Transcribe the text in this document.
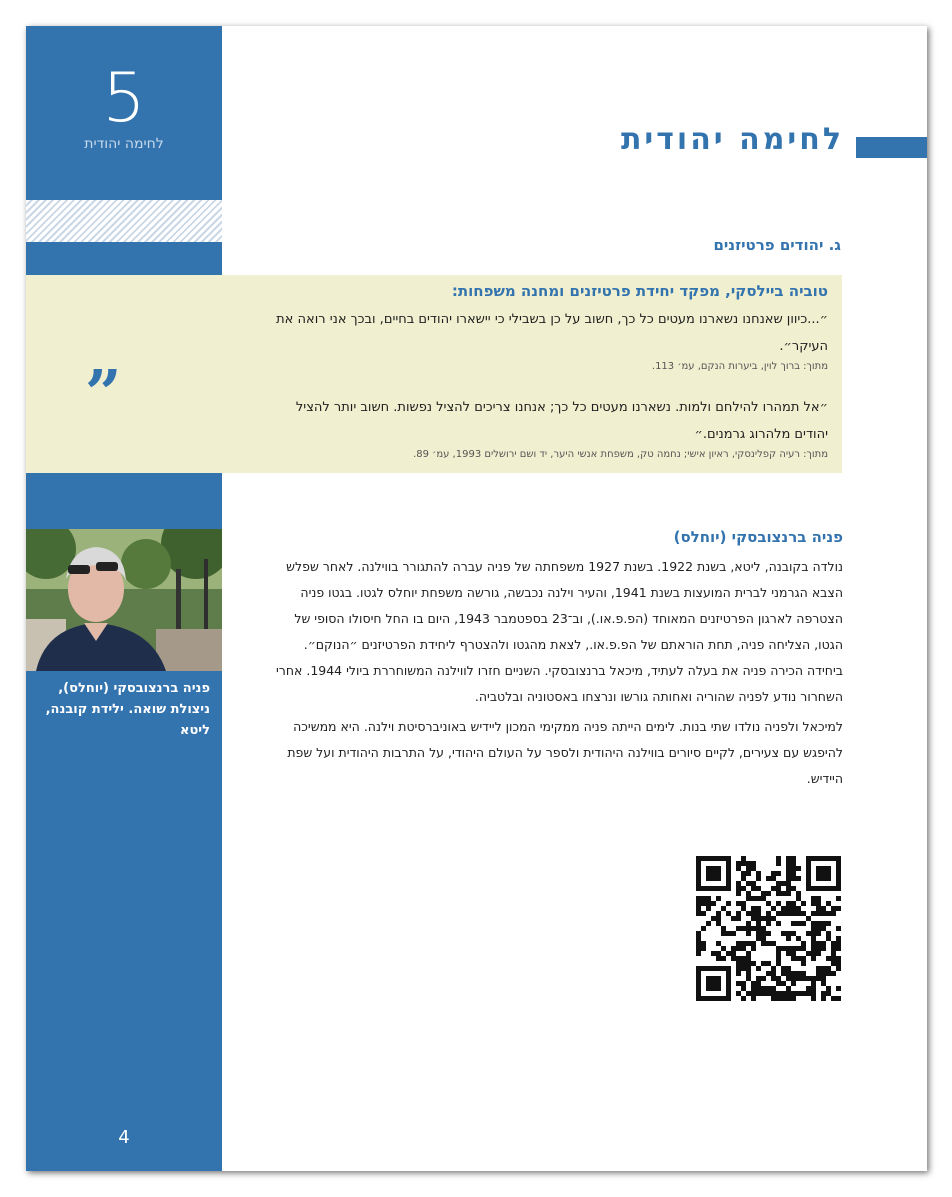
5
לחימה יהודית
פניה ברנצובסקי (יוחלס), ניצולת שואה. ילידת קובנה, ליטא
4
לחימה יהודית
ג. יהודים פרטיזנים
„

טוביה ביילסקי, מפקד יחידת פרטיזנים ומחנה משפחות:

״...כיוון שאנחנו נשארנו מעטים כל כך, חשוב על כן בשבילי כי יישארו יהודים בחיים, ובכך אני רואה את העיקר״.

מתוך: ברוך לוין, ביערות הנקם, עמ׳ 113.

״אל תמהרו להילחם ולמות. נשארנו מעטים כל כך; אנחנו צריכים להציל נפשות. חשוב יותר להציל יהודים מלהרוג גרמנים.״

מתוך: רעיה קפלינסקי, ראיון אישי; נחמה טק, משפחת אנשי היער, יד ושם ירושלים 1993, עמ׳ 89.

פניה ברנצובסקי (יוחלס)

נולדה בקובנה, ליטא, בשנת 1922. בשנת 1927 משפחתה של פניה עברה להתגורר בווילנה. לאחר שפלש הצבא הגרמני לברית המועצות בשנת 1941, והעיר וילנה נכבשה, גורשה משפחת יוחלס לגטו. בגטו פניה הצטרפה לארגון הפרטיזנים המאוחד (הפ.פ.או.), וב־23 בספטמבר 1943, היום בו החל חיסולו הסופי של הגטו, הצליחה פניה, תחת הוראתם של הפ.פ.או., לצאת מהגטו ולהצטרף ליחידת הפרטיזנים ״הנוקם״. ביחידה הכירה פניה את בעלה לעתיד, מיכאל ברנצובסקי. השניים חזרו לווילנה המשוחררת ביולי 1944. אחרי השחרור נודע לפניה שהוריה ואחותה גורשו ונרצחו באסטוניה ובלטביה.

למיכאל ולפניה נולדו שתי בנות. לימים הייתה פניה ממקימי המכון ליידיש באוניברסיטת וילנה. היא ממשיכה להיפגש עם צעירים, לקיים סיורים בווילנה היהודית ולספר על העולם היהודי, על התרבות היהודית ועל שפת היידיש.
